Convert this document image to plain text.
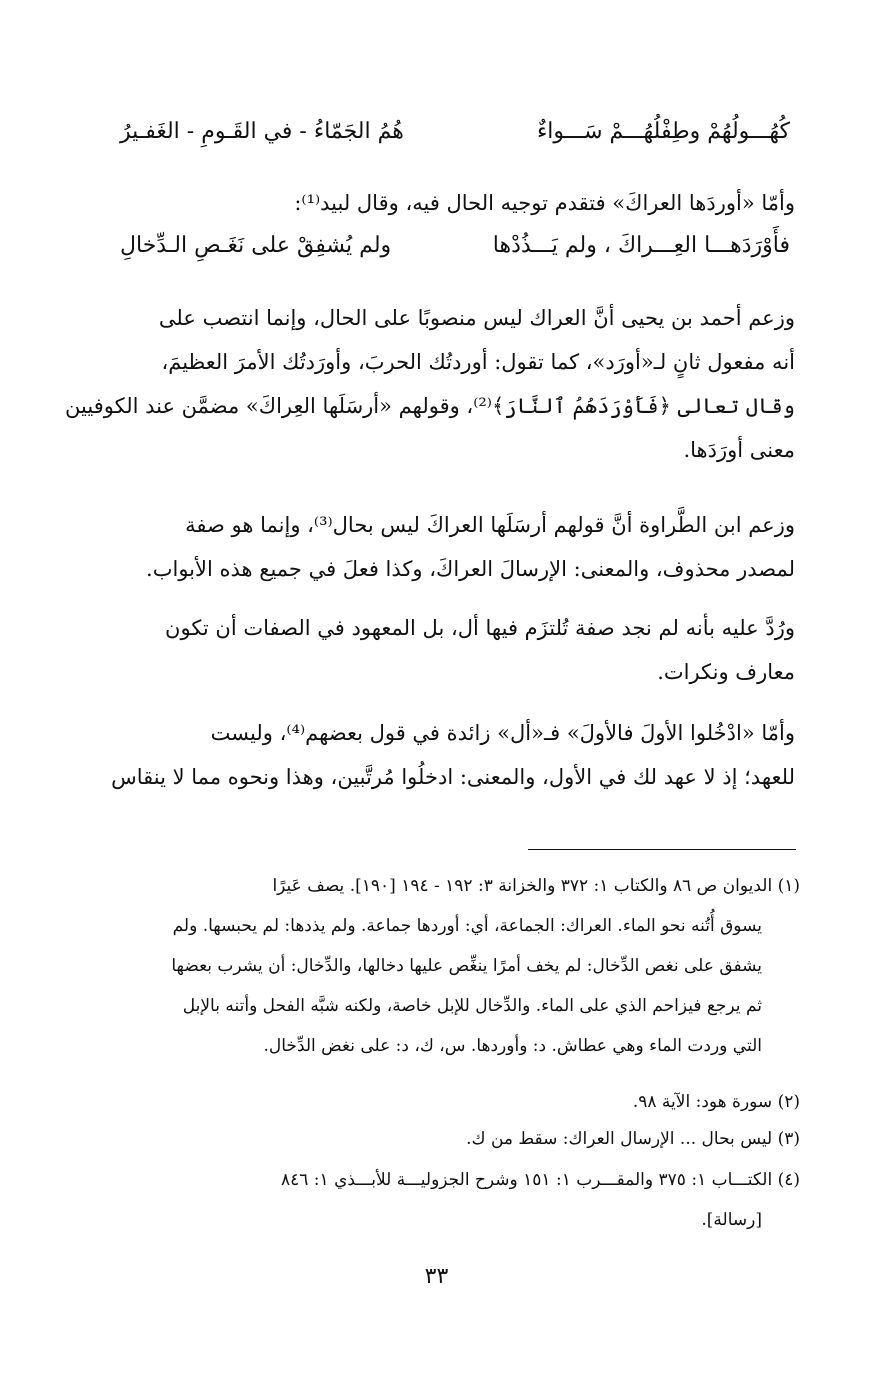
كُهُـــولُهُمْ وطِفْلُهُـــمْ سَـــواءٌ
هُمُ الجَمّاءُ - في القَـومِ - الغَفـيرُ
وأمّا «أوردَها العراكَ» فتقدم توجيه الحال فيه، وقال لبيد⁽¹⁾:
فأَوْرَدَهـــا العِـــراكَ ، ولم يَـــذُدْها
ولم يُشفِقْ على نَغَـصِ الـدِّخالِ
وزعم أحمد بن يحيى أنَّ العراك ليس منصوبًا على الحال، وإنما انتصب على
أنه مفعول ثانٍ لـ«أورَد»، كما تقول: أوردتُك الحربَ، وأورَدتُك الأمرَ العظيمَ،
وقال تعالى ﴿فَأَوْرَدَهُمُ ٱلنَّارَ﴾⁽²⁾، وقولهم «أرسَلَها العِراكَ» مضمَّن عند الكوفيين
معنى أورَدَها.
وزعم ابن الطَّراوة أنَّ قولهم أرسَلَها العراكَ ليس بحال⁽³⁾، وإنما هو صفة
لمصدر محذوف، والمعنى: الإرسالَ العراكَ، وكذا فعلَ في جميع هذه الأبواب.
ورُدَّ عليه بأنه لم نجد صفة تُلتزَم فيها أل، بل المعهود في الصفات أن تكون
معارف ونكرات.
وأمّا «ادْخُلوا الأولَ فالأولَ» فـ«أل» زائدة في قول بعضهم⁽⁴⁾، وليست
للعهد؛ إذ لا عهد لك في الأول، والمعنى: ادخلُوا مُرتَّبين، وهذا ونحوه مما لا ينقاس
(١) الديوان ص ٨٦ والكتاب ١: ٣٧٢ والخزانة ٣: ١٩٢ - ١٩٤ [١٩٠]. يصف عَيرًا
يسوق أُتُنه نحو الماء. العراك: الجماعة، أي: أوردها جماعة. ولم يذدها: لم يحبسها. ولم
يشفق على نغص الدِّخال: لم يخف أمرًا ينغِّص عليها دخالها، والدِّخال: أن يشرب بعضها
ثم يرجع فيزاحم الذي على الماء. والدِّخال للإبل خاصة، ولكنه شبَّه الفحل وأتنه بالإبل
التي وردت الماء وهي عطاش. د: وأوردها. س، ك، د: على نغض الدِّخال.
(٢) سورة هود: الآية ٩٨.
(٣) ليس بحال ... الإرسال العراك: سقط من ك.
(٤) الكتـــاب ١: ٣٧٥ والمقـــرب ١: ١٥١ وشرح الجزوليـــة للأبـــذي ١: ٨٤٦
[رسالة].
٣٣
